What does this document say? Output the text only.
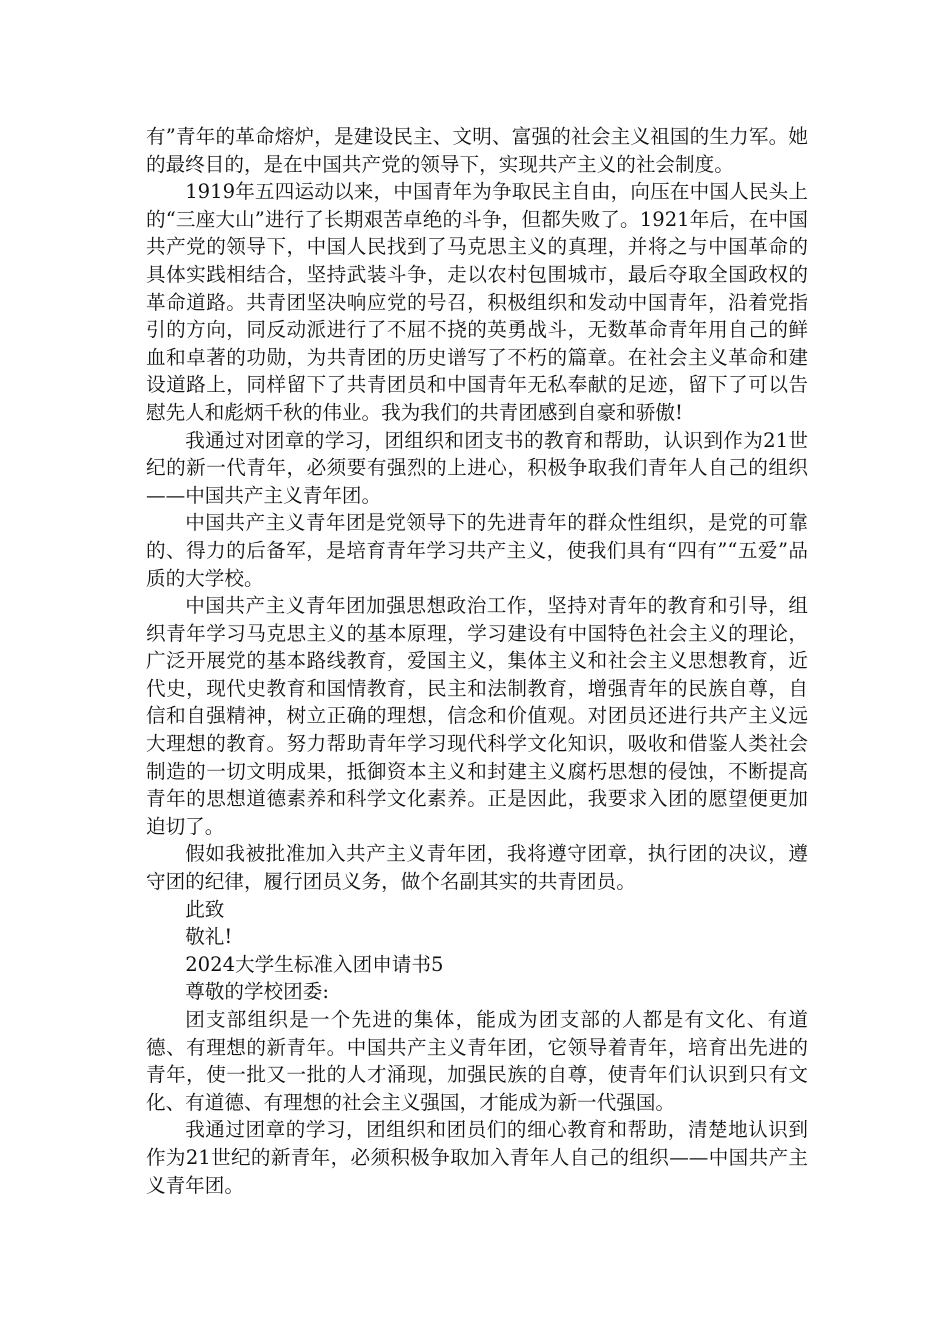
有”青年的革命熔炉，是建设民主、文明、富强的社会主义祖国的生力军。她的最终目的，是在中国共产党的领导下，实现共产主义的社会制度。

1919年五四运动以来，中国青年为争取民主自由，向压在中国人民头上的“三座大山”进行了长期艰苦卓绝的斗争，但都失败了。1921年后，在中国共产党的领导下，中国人民找到了马克思主义的真理，并将之与中国革命的具体实践相结合，坚持武装斗争，走以农村包围城市，最后夺取全国政权的革命道路。共青团坚决响应党的号召，积极组织和发动中国青年，沿着党指引的方向，同反动派进行了不屈不挠的英勇战斗，无数革命青年用自己的鲜血和卓著的功勋，为共青团的历史谱写了不朽的篇章。在社会主义革命和建设道路上，同样留下了共青团员和中国青年无私奉献的足迹，留下了可以告慰先人和彪炳千秋的伟业。我为我们的共青团感到自豪和骄傲!

我通过对团章的学习，团组织和团支书的教育和帮助，认识到作为21世纪的新一代青年，必须要有强烈的上进心，积极争取我们青年人自己的组织——中国共产主义青年团。

中国共产主义青年团是党领导下的先进青年的群众性组织，是党的可靠的、得力的后备军，是培育青年学习共产主义，使我们具有“四有”“五爱”品质的大学校。

中国共产主义青年团加强思想政治工作，坚持对青年的教育和引导，组织青年学习马克思主义的基本原理，学习建设有中国特色社会主义的理论，广泛开展党的基本路线教育，爱国主义，集体主义和社会主义思想教育，近代史，现代史教育和国情教育，民主和法制教育，增强青年的民族自尊，自信和自强精神，树立正确的理想，信念和价值观。对团员还进行共产主义远大理想的教育。努力帮助青年学习现代科学文化知识，吸收和借鉴人类社会制造的一切文明成果，抵御资本主义和封建主义腐朽思想的侵蚀，不断提高青年的思想道德素养和科学文化素养。正是因此，我要求入团的愿望便更加迫切了。

假如我被批准加入共产主义青年团，我将遵守团章，执行团的决议，遵守团的纪律，履行团员义务，做个名副其实的共青团员。

此致

敬礼!

2024大学生标准入团申请书5

尊敬的学校团委:

团支部组织是一个先进的集体，能成为团支部的人都是有文化、有道德、有理想的新青年。中国共产主义青年团，它领导着青年，培育出先进的青年，使一批又一批的人才涌现，加强民族的自尊，使青年们认识到只有文化、有道德、有理想的社会主义强国，才能成为新一代强国。

我通过团章的学习，团组织和团员们的细心教育和帮助，清楚地认识到作为21世纪的新青年，必须积极争取加入青年人自己的组织——中国共产主义青年团。
